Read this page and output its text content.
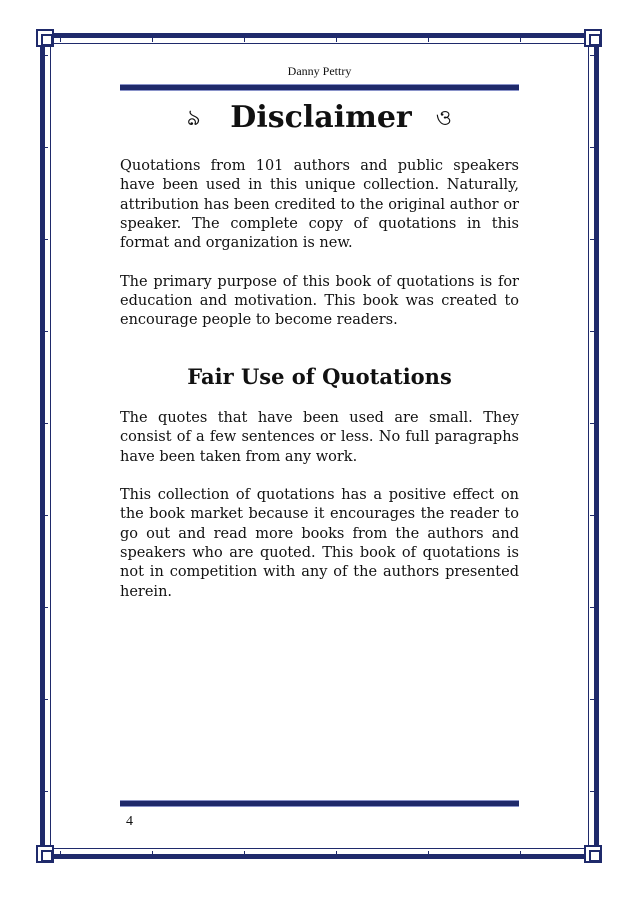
Danny Pettry
ঌ Disclaimer ও

Quotations from 101 authors and public speakers have been used in this unique collection. Naturally, attribution has been credited to the original author or speaker. The complete copy of quotations in this format and organization is new.

The primary purpose of this book of quotations is for education and motivation. This book was created to encourage people to become readers.

Fair Use of Quotations

The quotes that have been used are small. They consist of a few sentences or less. No full paragraphs have been taken from any work.

This collection of quotations has a positive effect on the book market because it encourages the reader to go out and read more books from the authors and speakers who are quoted. This book of quotations is not in competition with any of the authors presented herein.

4
